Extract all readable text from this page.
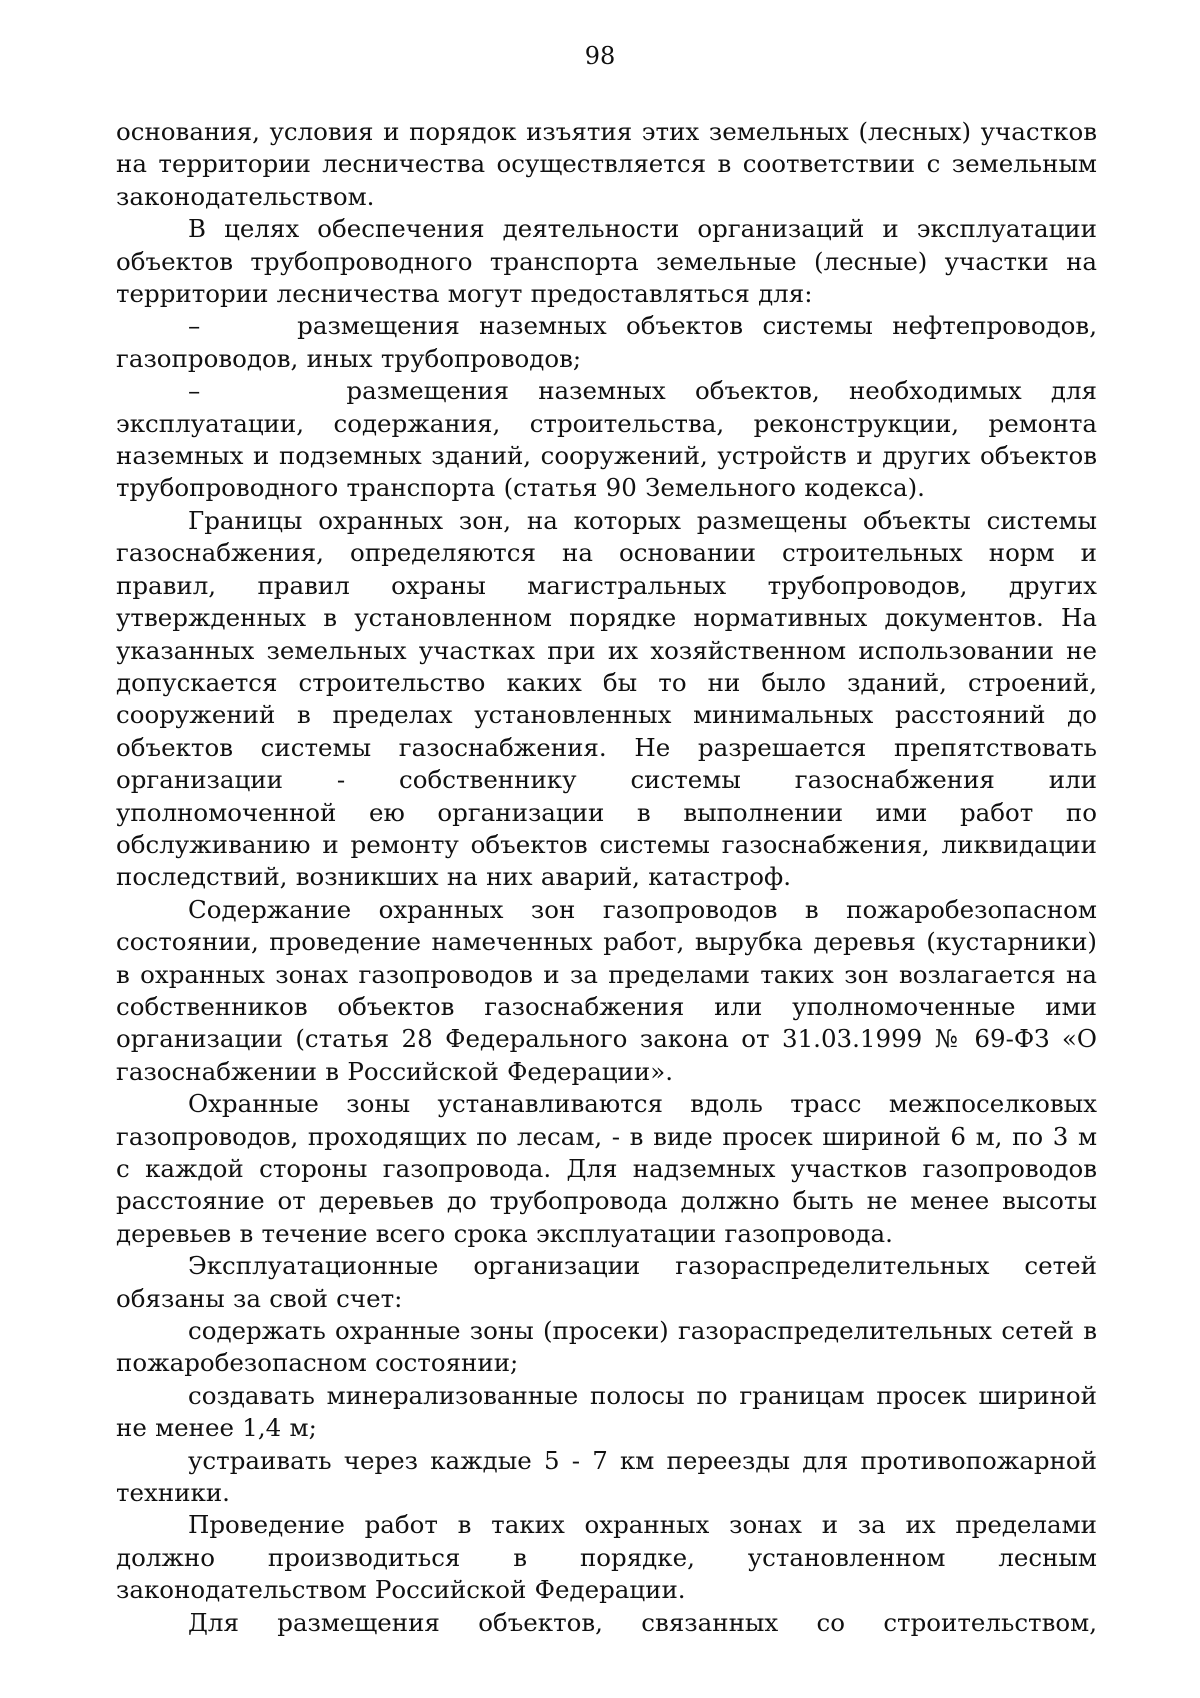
98

основания, условия и порядок изъятия этих земельных (лесных) участков на территории лесничества осуществляется в соответствии с земельным законодательством.

В целях обеспечения деятельности организаций и эксплуатации объектов трубопроводного транспорта земельные (лесные) участки на территории лесничества могут предоставляться для:

–     размещения наземных объектов системы нефтепроводов, газопроводов, иных трубопроводов;

–     размещения наземных объектов, необходимых для эксплуатации, содержания, строительства, реконструкции, ремонта наземных и подземных зданий, сооружений, устройств и других объектов трубопроводного транспорта (статья 90 Земельного кодекса).

Границы охранных зон, на которых размещены объекты системы газоснабжения, определяются на основании строительных норм и правил, правил охраны магистральных трубопроводов, других утвержденных в установленном порядке нормативных документов. На указанных земельных участках при их хозяйственном использовании не допускается строительство каких бы то ни было зданий, строений, сооружений в пределах установленных минимальных расстояний до объектов системы газоснабжения. Не разрешается препятствовать организации - собственнику системы газоснабжения или уполномоченной ею организации в выполнении ими работ по обслуживанию и ремонту объектов системы газоснабжения, ликвидации последствий, возникших на них аварий, катастроф.

Содержание охранных зон газопроводов в пожаробезопасном состоянии, проведение намеченных работ, вырубка деревья (кустарники) в охранных зонах газопроводов и за пределами таких зон возлагается на собственников объектов газоснабжения или уполномоченные ими организации (статья 28 Федерального закона от 31.03.1999 № 69-ФЗ «О газоснабжении в Российской Федерации».

Охранные зоны устанавливаются вдоль трасс межпоселковых газопроводов, проходящих по лесам, - в виде просек шириной 6 м, по 3 м с каждой стороны газопровода. Для надземных участков газопроводов расстояние от деревьев до трубопровода должно быть не менее высоты деревьев в течение всего срока эксплуатации газопровода.

Эксплуатационные организации газораспределительных сетей обязаны за свой счет:

содержать охранные зоны (просеки) газораспределительных сетей в пожаробезопасном состоянии;

создавать минерализованные полосы по границам просек шириной не менее 1,4 м;

устраивать через каждые 5 - 7 км переезды для противопожарной техники.

Проведение работ в таких охранных зонах и за их пределами должно производиться в порядке, установленном лесным законодательством Российской Федерации.

Для размещения объектов, связанных со строительством,
